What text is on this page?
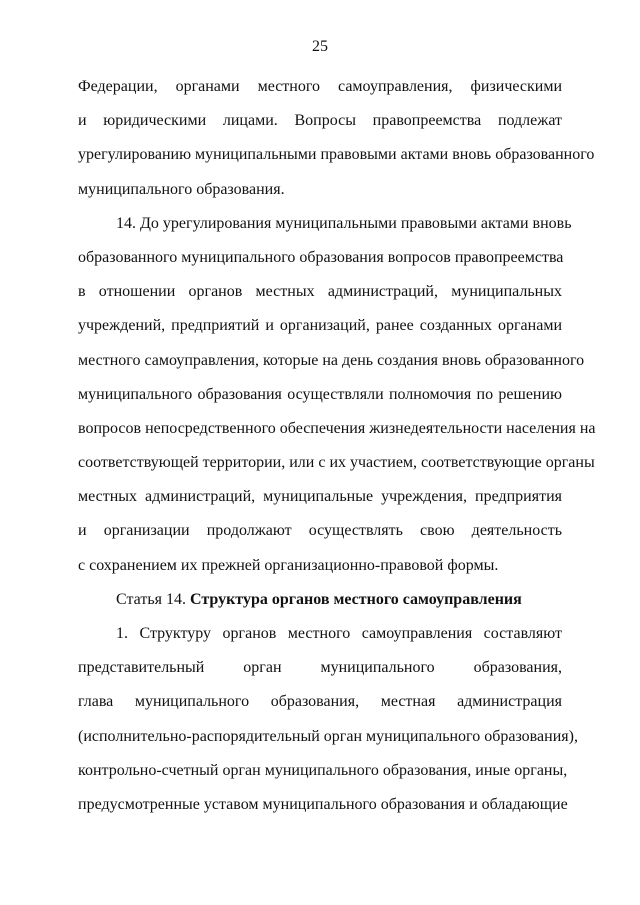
25
Федерации, органами местного самоуправления, физическими
и юридическими лицами. Вопросы правопреемства подлежат
урегулированию муниципальными правовыми актами вновь образованного
муниципального образования.
14. До урегулирования муниципальными правовыми актами вновь
образованного муниципального образования вопросов правопреемства
в отношении органов местных администраций, муниципальных
учреждений, предприятий и организаций, ранее созданных органами
местного самоуправления, которые на день создания вновь образованного
муниципального образования осуществляли полномочия по решению
вопросов непосредственного обеспечения жизнедеятельности населения на
соответствующей территории, или с их участием, соответствующие органы
местных администраций, муниципальные учреждения, предприятия
и организации продолжают осуществлять свою деятельность
с сохранением их прежней организационно-правовой формы.
Статья 14. Структура органов местного самоуправления
1. Структуру органов местного самоуправления составляют
представительный орган муниципального образования,
глава муниципального образования, местная администрация
(исполнительно-распорядительный орган муниципального образования),
контрольно-счетный орган муниципального образования, иные органы,
предусмотренные уставом муниципального образования и обладающие
